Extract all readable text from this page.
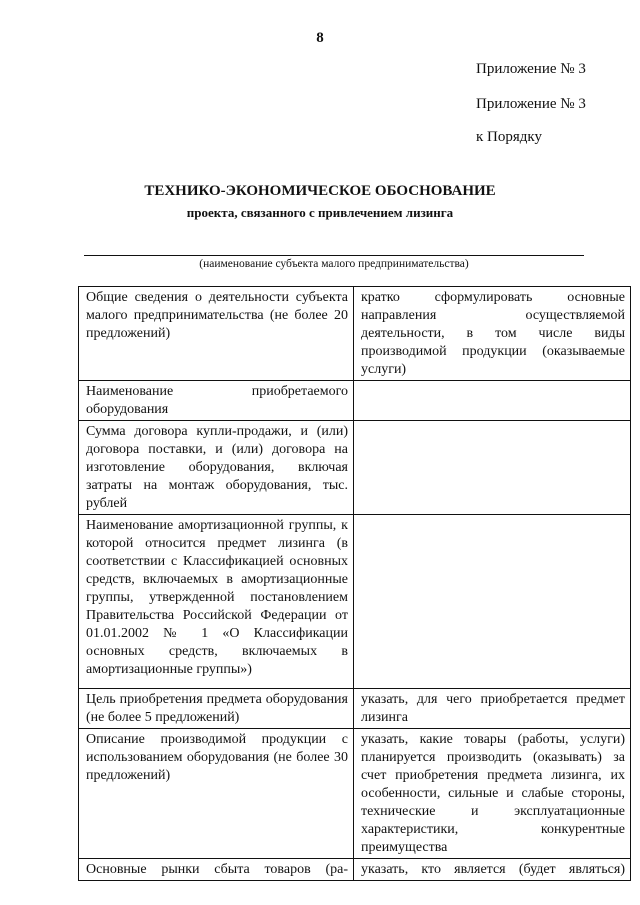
8
Приложение № 3
Приложение № 3
к Порядку
ТЕХНИКО-ЭКОНОМИЧЕСКОЕ ОБОСНОВАНИЕ
проекта, связанного с привлечением лизинга
(наименование субъекта малого предпринимательства)
Общие сведения о деятельности субъекта малого предпринимательства (не более 20 предложений)	кратко сформулировать основные направления осуществляемой деятельности, в том числе виды производимой продукции (оказываемые услуги)
Наименование приобретаемого оборудования	
Сумма договора купли-продажи, и (или) договора поставки, и (или) договора на изготовление оборудования, включая затраты на монтаж оборудования, тыс. рублей	
Наименование амортизационной группы, к которой относится предмет лизинга (в соответствии с Классификацией основных средств, включаемых в амортизационные группы, утвержденной постановлением Правительства Российской Федерации от 01.01.2002 № 1 «О Классификации основных средств, включаемых в амортизационные группы»)	
Цель приобретения предмета оборудования (не более 5 предложений)	указать, для чего приобретается предмет лизинга
Описание производимой продукции с использованием оборудования (не более 30 предложений)	указать, какие товары (работы, услуги) планируется производить (оказывать) за счет приобретения предмета лизинга, их особенности, сильные и слабые стороны, технические и эксплуатационные характеристики, конкурентные преимущества
Основные рынки сбыта товаров (ра-	указать, кто является (будет являться)
